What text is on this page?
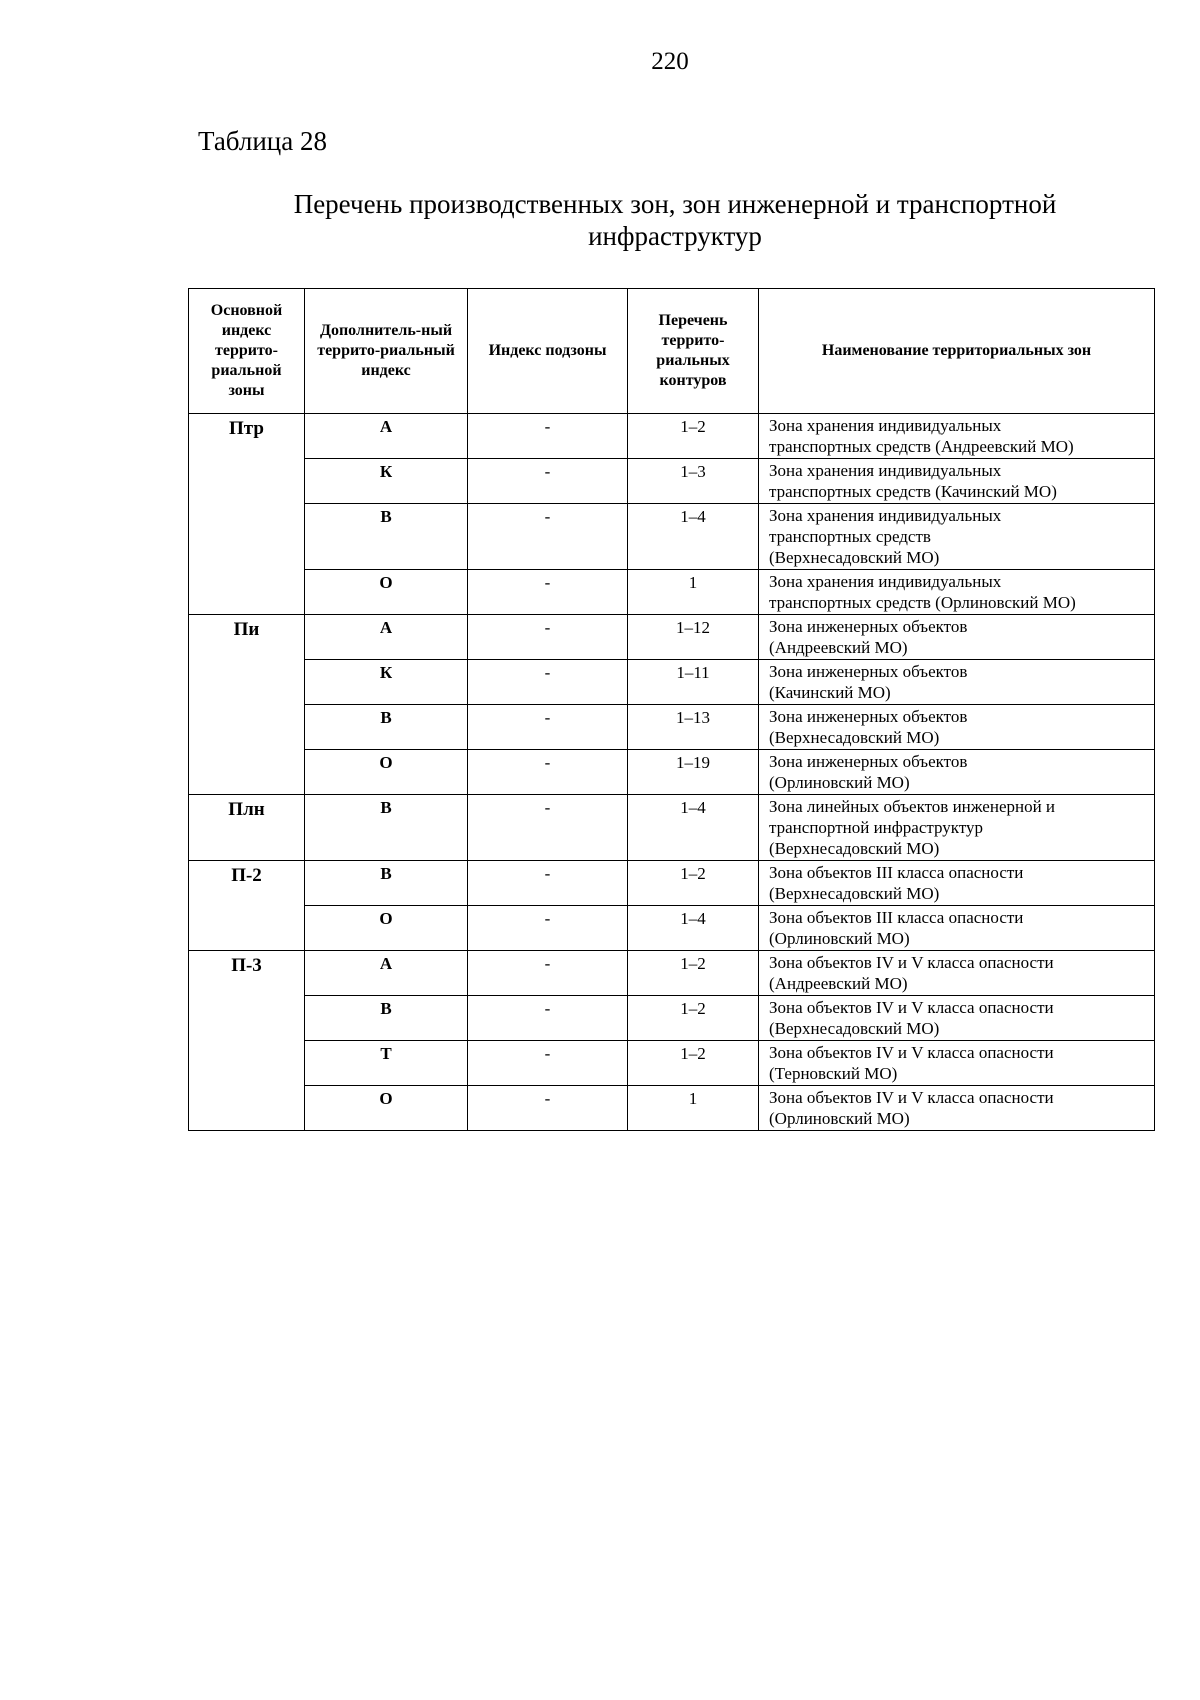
220
Таблица 28
Перечень производственных зон, зон инженерной и транспортной
инфраструктур
Основной индекс террито-риальной зоны	Дополнитель-ный террито-риальный индекс	Индекс подзоны	Перечень террито-риальных контуров	Наименование территориальных зон
Птр	А	-	1–2	Зона хранения индивидуальных
транспортных средств (Андреевский МО)

	К	-	1–3	Зона хранения индивидуальных
транспортных средств (Качинский МО)

	В	-	1–4	Зона хранения индивидуальных
транспортных средств
(Верхнесадовский МО)

	О	-	1	Зона хранения индивидуальных
транспортных средств (Орлиновский МО)

Пи	А	-	1–12	Зона инженерных объектов
(Андреевский МО)

	К	-	1–11	Зона инженерных объектов
(Качинский МО)

	В	-	1–13	Зона инженерных объектов
(Верхнесадовский МО)

	О	-	1–19	Зона инженерных объектов
(Орлиновский МО)

Плн	В	-	1–4	Зона линейных объектов инженерной и
транспортной инфраструктур
(Верхнесадовский МО)

П-2	В	-	1–2	Зона объектов III класса опасности
(Верхнесадовский МО)

	О	-	1–4	Зона объектов III класса опасности
(Орлиновский МО)

П-3	А	-	1–2	Зона объектов IV и V класса опасности
(Андреевский МО)

	В	-	1–2	Зона объектов IV и V класса опасности
(Верхнесадовский МО)

	Т	-	1–2	Зона объектов IV и V класса опасности
(Терновский МО)

	О	-	1	Зона объектов IV и V класса опасности
(Орлиновский МО)
